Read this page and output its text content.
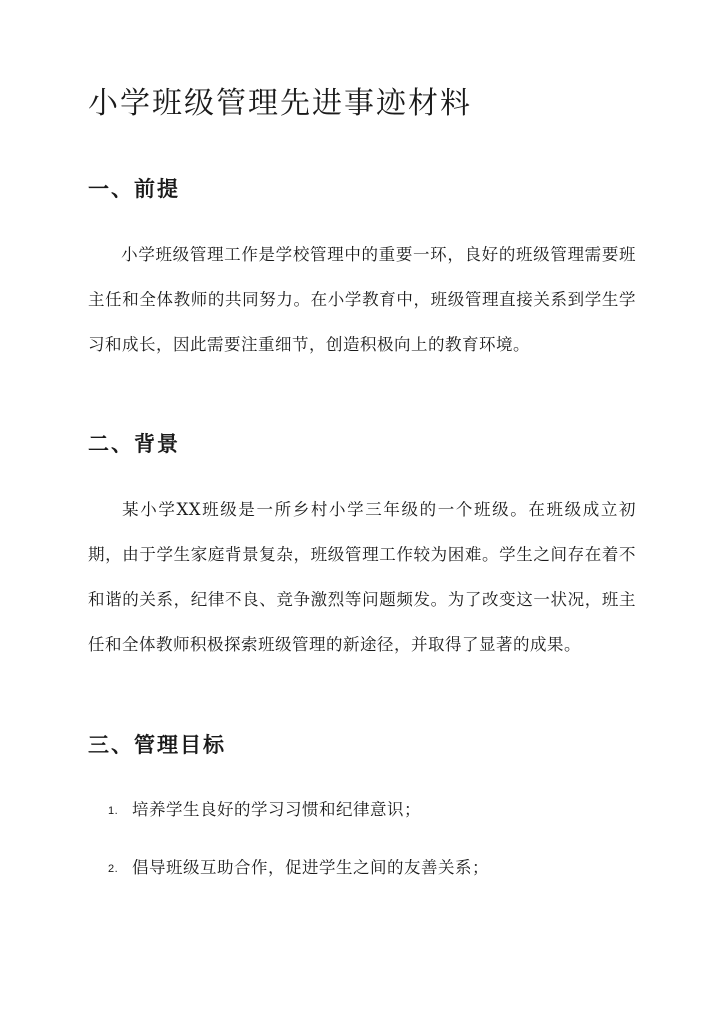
小学班级管理先进事迹材料
一、前提

小学班级管理工作是学校管理中的重要一环，良好的班级管理需要班主任和全体教师的共同努力。在小学教育中，班级管理直接关系到学生学习和成长，因此需要注重细节，创造积极向上的教育环境。

二、背景

某小学XX班级是一所乡村小学三年级的一个班级。在班级成立初期，由于学生家庭背景复杂，班级管理工作较为困难。学生之间存在着不和谐的关系，纪律不良、竞争激烈等问题频发。为了改变这一状况，班主任和全体教师积极探索班级管理的新途径，并取得了显著的成果。

三、管理目标
1. 培养学生良好的学习习惯和纪律意识；
2. 倡导班级互助合作，促进学生之间的友善关系；
